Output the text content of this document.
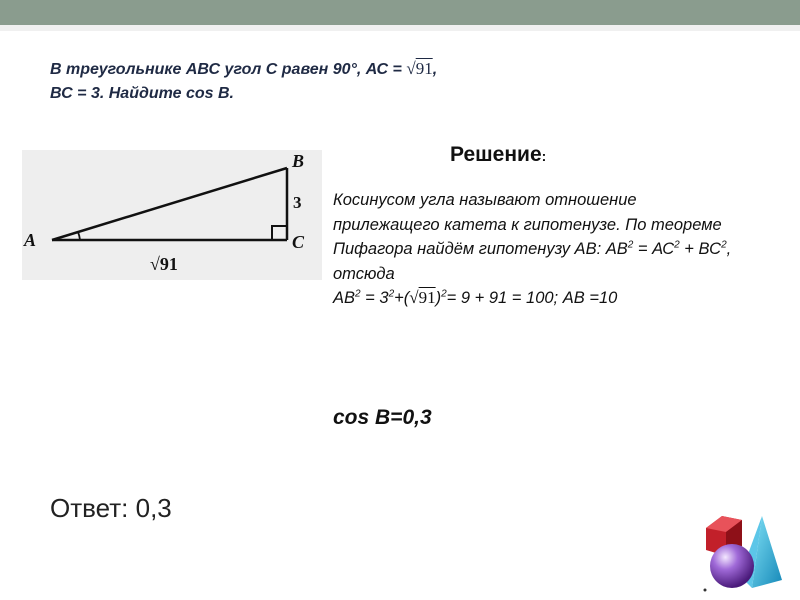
В треугольнике АВС угол С равен 90°, АС = √91,
ВС = 3. Найдите cos B.
A
B
C
3
√91
Решение:
Косинусом угла называют отношение прилежащего катета к гипотенузе. По теореме Пифагора найдём гипотенузу АВ: $АВ^2 = АС^2 + ВС^2$, отсюда
$АВ^2 = 3^2+(√91)^2= 9 + 91 = 100$; АВ =10
cos B=0,3
Ответ: 0,3
